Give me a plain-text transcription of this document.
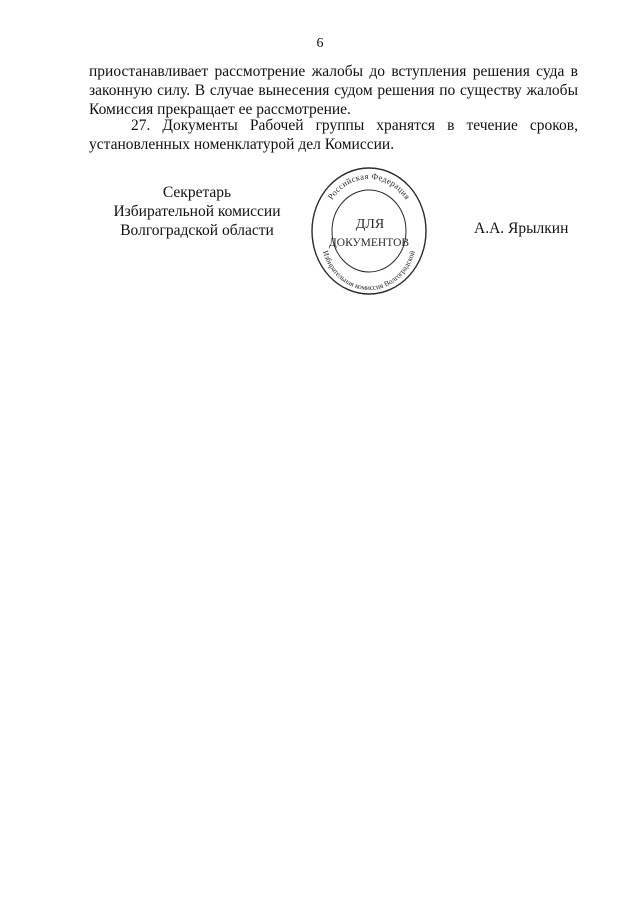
6

приостанавливает рассмотрение жалобы до вступления решения суда в законную силу. В случае вынесения судом решения по существу жалобы Комиссия прекращает ее рассмотрение.

27. Документы Рабочей группы хранятся в течение сроков, установленных номенклатурой дел Комиссии.

Секретарь
Избирательной комиссии
Волгоградской области
Российская Федерация
Избирательная комиссия Волгоградской
ДЛЯ
ДОКУМЕНТОВ
А.А. Ярылкин
